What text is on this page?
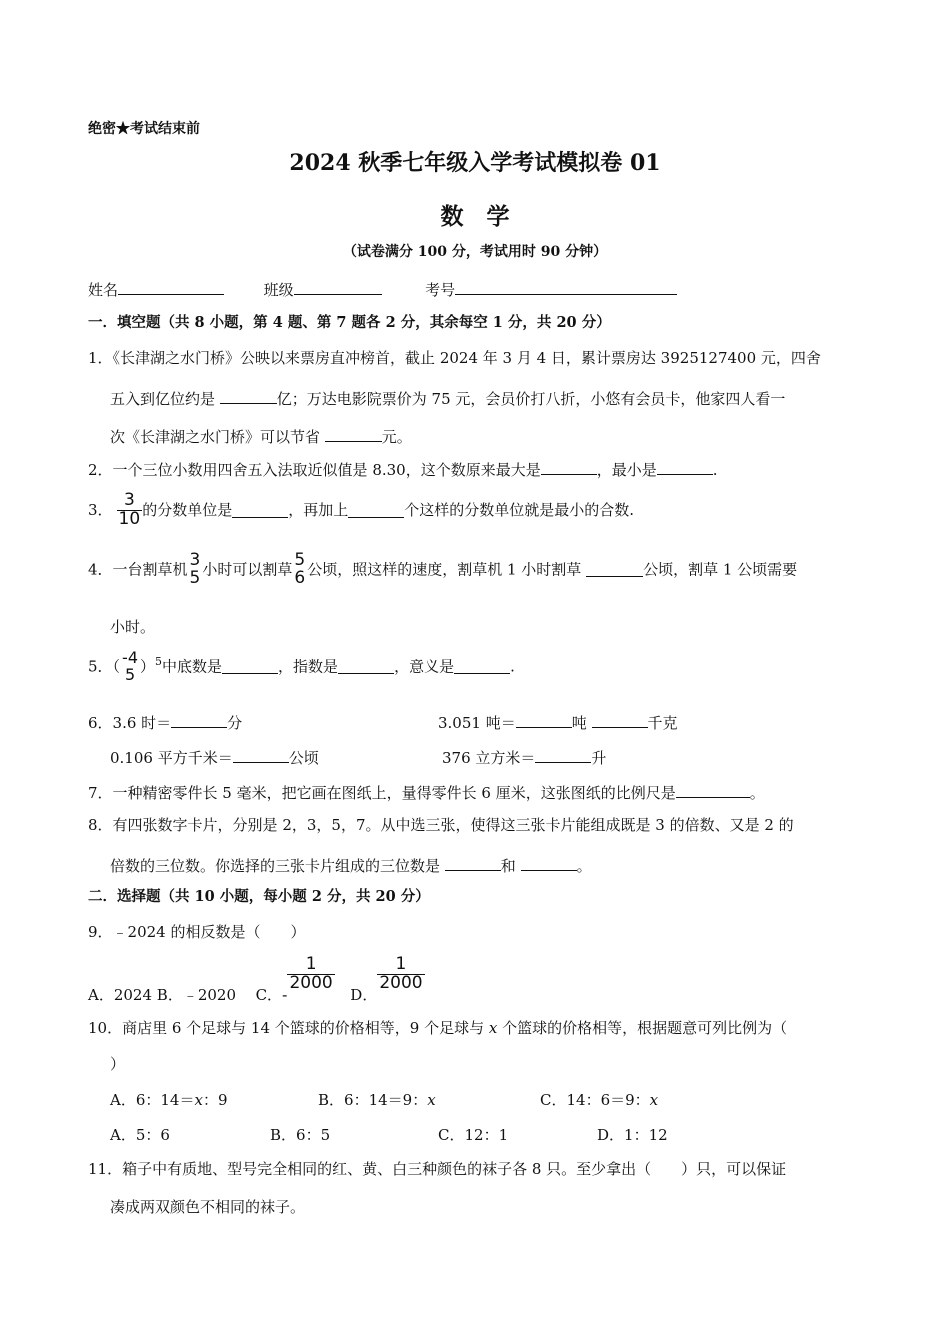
绝密★考试结束前
2024 秋季七年级入学考试模拟卷 01
数　学
（试卷满分 100 分，考试用时 90 分钟）
姓名	班级	考号
一．填空题（共 8 小题，第 4 题、第 7 题各 2 分，其余每空 1 分，共 20 分）
1．《长津湖之水门桥》公映以来票房直冲榜首，截止 2024 年 3 月 4 日，累计票房达 3925127400 元，四舍
五入到亿位约是	亿；万达电影院票价为 75 元，会员价打八折，小悠有会员卡，他家四人看一
次《长津湖之水门桥》可以节省	元。
2．一个三位小数用四舍五入法取近似值是 8.30，这个数原来最大是	，最小是	.
3． $\frac{3}{10}$ 的分数单位是	，再加上	个这样的分数单位就是最小的合数.
4．一台割草机 3
5 小时可以割草 5
6 公顷，照这样的速度，割草机 1 小时割草	公顷，割草 1 公顷需要
小时。
5．（ -4
5 ）$^5$中底数是	，指数是	，意义是	.
6．3.6 时＝	分	3.051 吨＝	吨	千克
0.106 平方千米＝	公顷	376 立方米＝	升
7．一种精密零件长 5 毫米，把它画在图纸上，量得零件长 6 厘米，这张图纸的比例尺是	。
8．有四张数字卡片，分别是 2，3，5，7。从中选三张，使得这三张卡片能组成既是 3 的倍数、又是 2 的
倍数的三位数。你选择的三张卡片组成的三位数是	和	。
二．选择题（共 10 小题，每小题 2 分，共 20 分）
9．﹣2024 的相反数是（　　）
A．2024 B．﹣2020 C．-
$\frac{1}{2000}$
D．
$\frac{1}{2000}$
10．商店里 6 个足球与 14 个篮球的价格相等，9 个足球与 x 个篮球的价格相等，根据题意可列比例为（
）
A．6：14＝x：9	B．6：14＝9：x	C．14：6＝9：x
A．5：6	B．6：5	C．12：1	D．1：12
11．箱子中有质地、型号完全相同的红、黄、白三种颜色的袜子各 8 只。至少拿出（　　）只，可以保证
凑成两双颜色不相同的袜子。
